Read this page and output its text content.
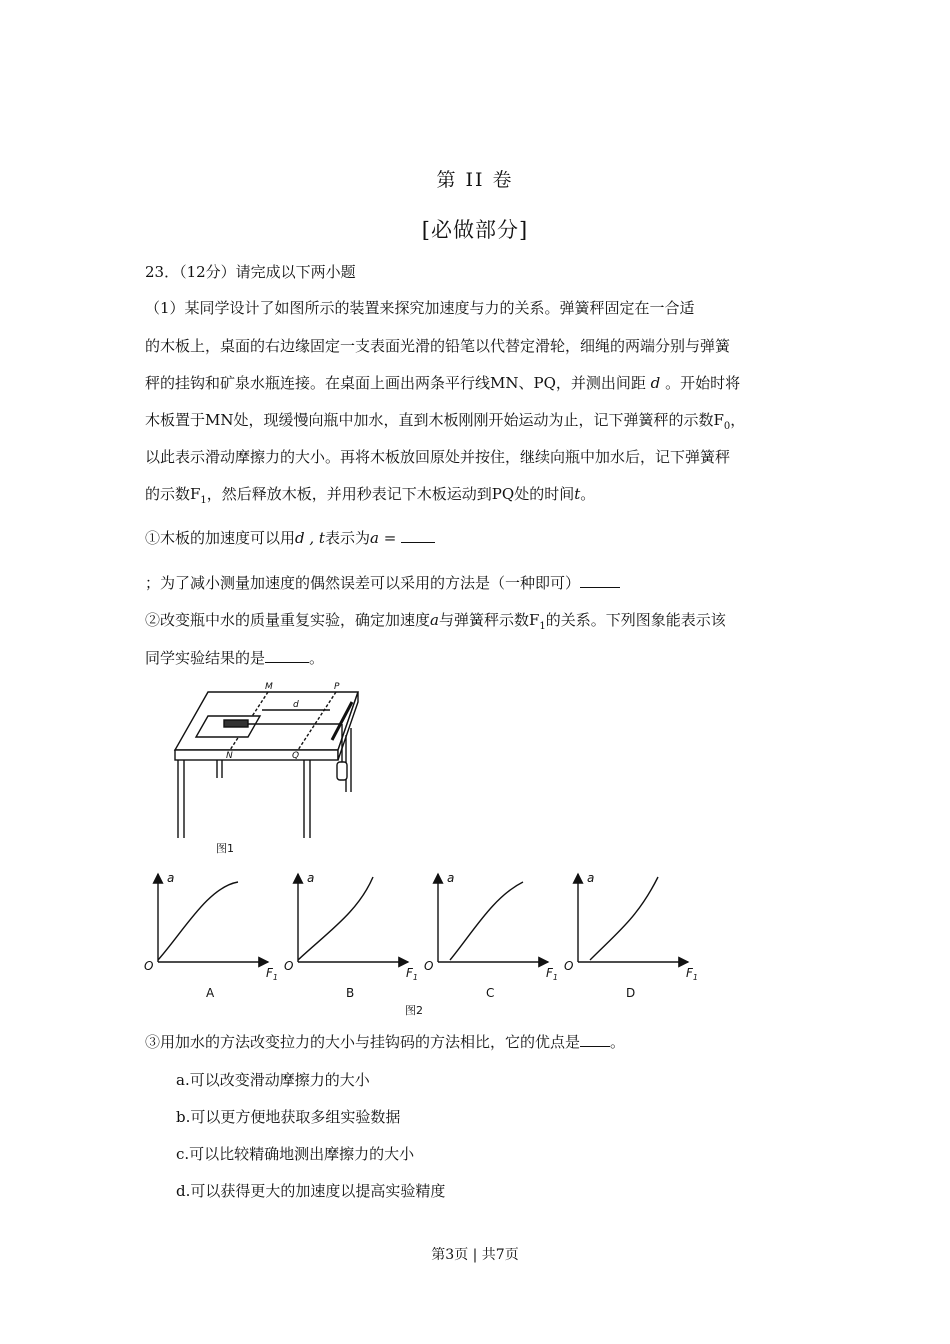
第 II 卷
[必做部分]
23．（12分）请完成以下两小题
（1）某同学设计了如图所示的装置来探究加速度与力的关系。弹簧秤固定在一合适
的木板上，桌面的右边缘固定一支表面光滑的铅笔以代替定滑轮，细绳的两端分别与弹簧
秤的挂钩和矿泉水瓶连接。在桌面上画出两条平行线MN、PQ，并测出间距 d 。开始时将
木板置于MN处，现缓慢向瓶中加水，直到木板刚刚开始运动为止，记下弹簧秤的示数$F_0$，
以此表示滑动摩擦力的大小。再将木板放回原处并按住，继续向瓶中加水后，记下弹簧秤
的示数$F_1$，然后释放木板，并用秒表记下木板运动到PQ处的时间t。
①木板的加速度可以用d , t表示为a =
；为了减小测量加速度的偶然误差可以采用的方法是（一种即可）
②改变瓶中水的质量重复实验，确定加速度a与弹簧秤示数$F_1$的关系。下列图象能表示该
同学实验结果的是	。
M	P
N	Q
d
图1
图2
a
O	$F_1$
A
a
O	$F_1$
B
a
O	$F_1$
C
a
O	$F_1$
D
③用加水的方法改变拉力的大小与挂钩码的方法相比，它的优点是 。
a.可以改变滑动摩擦力的大小
b.可以更方便地获取多组实验数据
c.可以比较精确地测出摩擦力的大小
d.可以获得更大的加速度以提高实验精度
第3页 | 共7页
